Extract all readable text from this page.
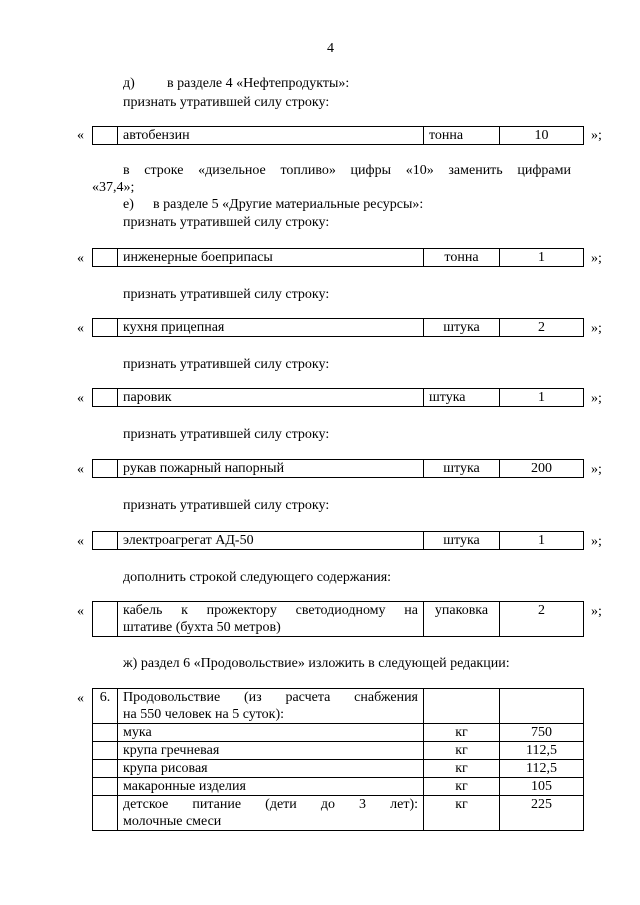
4
д) в разделе 4 «Нефтепродукты»:
признать утратившей силу строку:
«
		автобензин	тонна	10	»;
в строке «дизельное топливо» цифры «10» заменить цифрами
«37,4»;
е) в разделе 5 «Другие материальные ресурсы»:
признать утратившей силу строку:
«
		инженерные боеприпасы	тонна	1	»;
признать утратившей силу строку:
«
		кухня прицепная	штука	2	»;
признать утратившей силу строку:
«
		паровик	штука	1	»;
признать утратившей силу строку:
«
		рукав пожарный напорный	штука	200	»;
признать утратившей силу строку:
«
		электроагрегат АД-50	штука	1	»;
дополнить строкой следующего содержания:
«
		кабель к прожектору светодиодному на
штативе (бухта 50 метров)
	упаковка	2	»;
ж) раздел 6 «Продовольствие» изложить в следующей редакции:
« 6.	Продовольствие (из расчета снабжения
на 550 человек на 5 суток):		

	мука	кг	750
	крупа гречневая	кг	112,5
	крупа рисовая	кг	112,5
	макаронные изделия	кг	105

	детское питание (дети до 3 лет):
молочные смеси	кг	225
